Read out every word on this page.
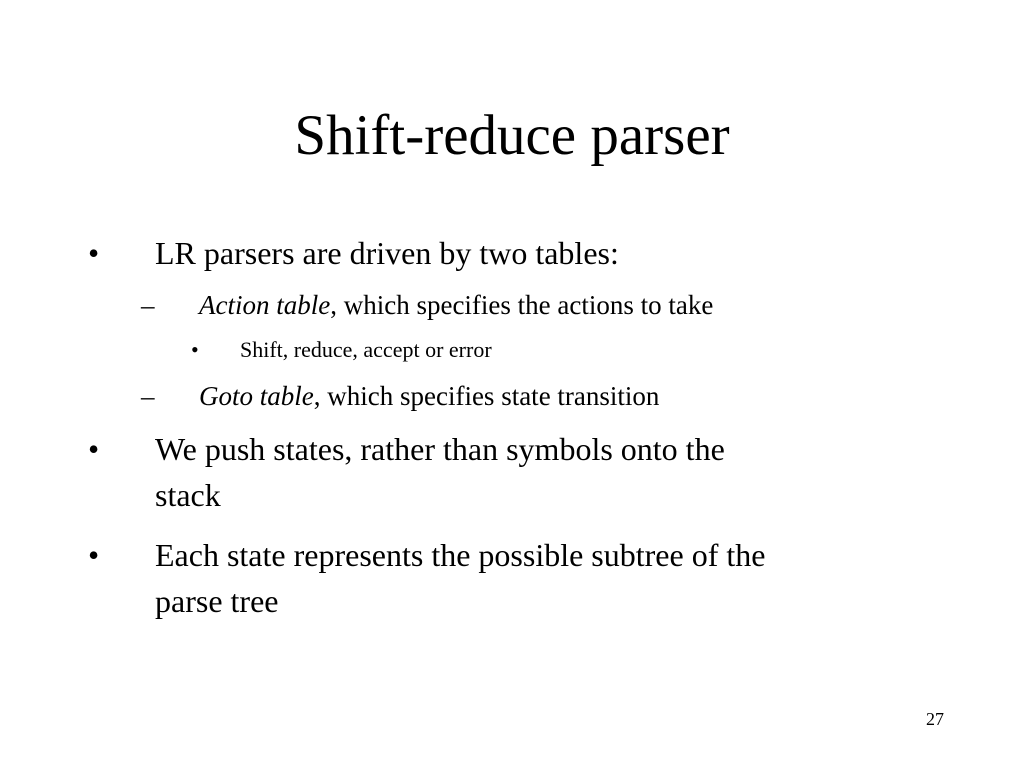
Shift-reduce parser
• LR parsers are driven by two tables:
– Action table, which specifies the actions to take
• Shift, reduce, accept or error
– Goto table, which specifies state transition
• We push states, rather than symbols onto the
stack
• Each state represents the possible subtree of the
parse tree
27
